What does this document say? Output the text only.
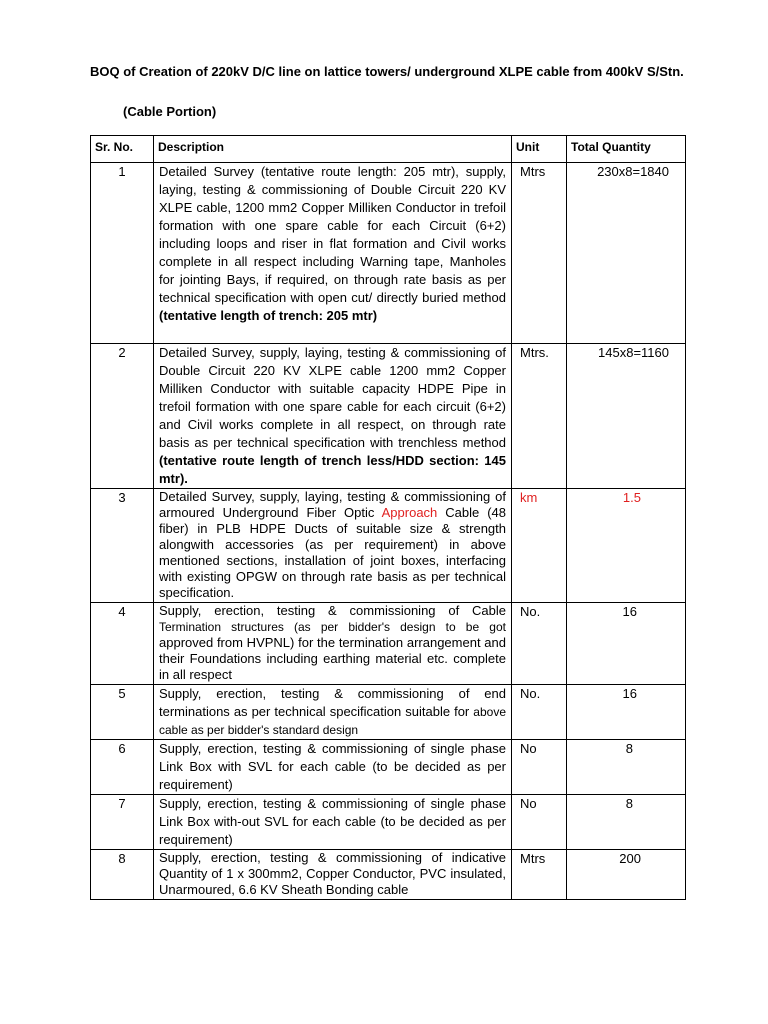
BOQ of Creation of 220kV D/C line on lattice towers/ underground XLPE cable from 400kV S/Stn.
(Cable Portion)
Sr. No.	Description	Unit	Total Quantity
1	Detailed Survey (tentative route length: 205 mtr), supply, laying, testing & commissioning of Double Circuit 220 KV XLPE cable, 1200 mm2 Copper Milliken Conductor in trefoil formation with one spare cable for each Circuit (6+2) including loops and riser in flat formation and Civil works complete in all respect including Warning tape, Manholes for jointing Bays, if required, on through rate basis as per technical specification with open cut/ directly buried method (tentative length of trench: 205 mtr)	Mtrs	230x8=1840
2	Detailed Survey, supply, laying, testing & commissioning of Double Circuit 220 KV XLPE cable 1200 mm2 Copper Milliken Conductor with suitable capacity HDPE Pipe in trefoil formation with one spare cable for each circuit (6+2) and Civil works complete in all respect, on through rate basis as per technical specification with trenchless method (tentative route length of trench less/HDD section: 145 mtr).	Mtrs.	145x8=1160
3	Detailed Survey, supply, laying, testing & commissioning of armoured Underground Fiber Optic Approach Cable (48 fiber) in PLB HDPE Ducts of suitable size & strength alongwith accessories (as per requirement) in above mentioned sections, installation of joint boxes, interfacing with existing OPGW on through rate basis as per technical specification.	km	1.5
4	Supply, erection, testing & commissioning of Cable Termination structures (as per bidder's design to be got approved from HVPNL) for the termination arrangement and their Foundations including earthing material etc. complete in all respect	No.	16
5	Supply, erection, testing & commissioning of end terminations as per technical specification suitable for above cable as per bidder's standard design	No.	16
6	Supply, erection, testing & commissioning of single phase Link Box with SVL for each cable (to be decided as per requirement)	No	8
7	Supply, erection, testing & commissioning of single phase Link Box with-out SVL for each cable (to be decided as per requirement)	No	8
8	Supply, erection, testing & commissioning of indicative Quantity of 1 x 300mm2, Copper Conductor, PVC insulated, Unarmoured, 6.6 KV Sheath Bonding cable	Mtrs	200
